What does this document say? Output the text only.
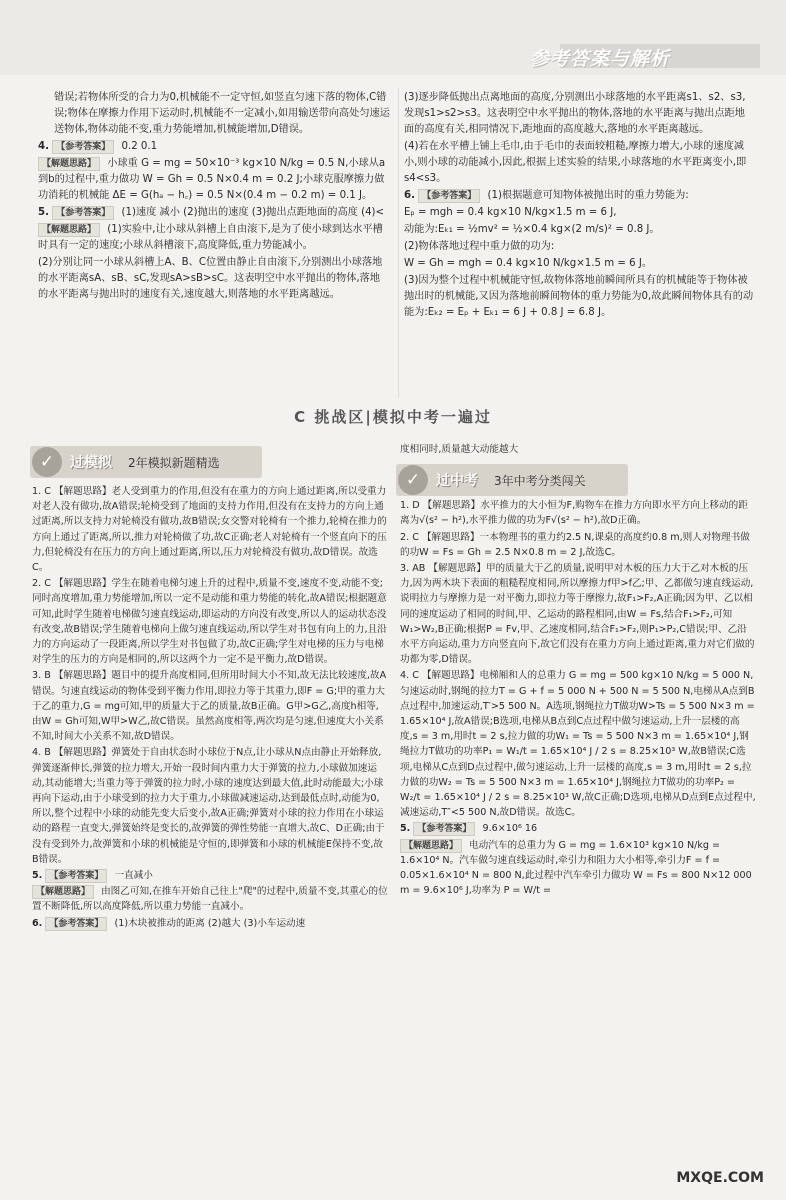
参考答案与解析

错误;若物体所受的合力为0,机械能不一定守恒,如竖直匀速下落的物体,C错误;物体在摩擦力作用下运动时,机械能不一定减小,如用输送带向高处匀速运送物体,物体动能不变,重力势能增加,机械能增加,D错误。

4. 【参考答案】 0.2 0.1

【解题思路】 小球重 G = mg = 50×10⁻³ kg×10 N/kg = 0.5 N,小球从a到b的过程中,重力做功 W = Gh = 0.5 N×0.4 m = 0.2 J;小球克服摩擦力做功消耗的机械能 ΔE = G(hₐ − h꜀) = 0.5 N×(0.4 m − 0.2 m) = 0.1 J。

5. 【参考答案】 (1)速度 减小 (2)抛出的速度 (3)抛出点距地面的高度 (4)<

【解题思路】 (1)实验中,让小球从斜槽上自由滚下,是为了使小球到达水平槽时具有一定的速度;小球从斜槽滚下,高度降低,重力势能减小。

(2)分别让同一小球从斜槽上A、B、C位置由静止自由滚下,分别测出小球落地的水平距离sA、sB、sC,发现sA>sB>sC。这表明空中水平抛出的物体,落地的水平距离与抛出时的速度有关,速度越大,则落地的水平距离越远。

(3)逐步降低抛出点离地面的高度,分别测出小球落地的水平距离s1、s2、s3,发现s1>s2>s3。这表明空中水平抛出的物体,落地的水平距离与抛出点距地面的高度有关,相同情况下,距地面的高度越大,落地的水平距离越远。

(4)若在水平槽上铺上毛巾,由于毛巾的表面较粗糙,摩擦力增大,小球的速度减小,则小球的动能减小,因此,根据上述实验的结果,小球落地的水平距离变小,即s4<s3。

6. 【参考答案】 (1)根据题意可知物体被抛出时的重力势能为:

Eₚ = mgh = 0.4 kg×10 N/kg×1.5 m = 6 J,

动能为:Eₖ₁ = ½mv² = ½×0.4 kg×(2 m/s)² = 0.8 J。

(2)物体落地过程中重力做的功为:

W = Gh = mgh = 0.4 kg×10 N/kg×1.5 m = 6 J。

(3)因为整个过程中机械能守恒,故物体落地前瞬间所具有的机械能等于物体被抛出时的机械能,又因为落地前瞬间物体的重力势能为0,故此瞬间物体具有的动能为:Eₖ₂ = Eₚ + Eₖ₁ = 6 J + 0.8 J = 6.8 J。

C 挑战区|模拟中考一遍过
✓	过模拟 2年模拟新题精选
✓	过中考 3年中考分类闯关

1. C 【解题思路】老人受到重力的作用,但没有在重力的方向上通过距离,所以受重力对老人没有做功,故A错误;轮椅受到了地面的支持力作用,但没有在支持力的方向上通过距离,所以支持力对轮椅没有做功,故B错误;女交警对轮椅有一个推力,轮椅在推力的方向上通过了距离,所以,推力对轮椅做了功,故C正确;老人对轮椅有一个竖直向下的压力,但轮椅没有在压力的方向上通过距离,所以,压力对轮椅没有做功,故D错误。故选C。

2. C 【解题思路】学生在随着电梯匀速上升的过程中,质量不变,速度不变,动能不变;同时高度增加,重力势能增加,所以一定不是动能和重力势能的转化,故A错误;根据题意可知,此时学生随着电梯做匀速直线运动,即运动的方向没有改变,所以人的运动状态没有改变,故B错误;学生随着电梯向上做匀速直线运动,所以学生对书包有向上的力,且沿力的方向运动了一段距离,所以学生对书包做了功,故C正确;学生对电梯的压力与电梯对学生的压力的方向是相同的,所以这两个力一定不是平衡力,故D错误。

3. B 【解题思路】题目中的提升高度相同,但所用时间大小不知,故无法比较速度,故A错误。匀速直线运动的物体受到平衡力作用,即拉力等于其重力,即F = G;甲的重力大于乙的重力,G = mg可知,甲的质量大于乙的质量,故B正确。G甲>G乙,高度h相等,由W = Gh可知,W甲>W乙,故C错误。虽然高度相等,两次均是匀速,但速度大小关系不知,时间大小关系不知,故D错误。

4. B 【解题思路】弹簧处于自由状态时小球位于N点,让小球从N点由静止开始释放,弹簧逐渐伸长,弹簧的拉力增大,开始一段时间内重力大于弹簧的拉力,小球做加速运动,其动能增大;当重力等于弹簧的拉力时,小球的速度达到最大值,此时动能最大;小球再向下运动,由于小球受到的拉力大于重力,小球做减速运动,达到最低点时,动能为0,所以,整个过程中小球的动能先变大后变小,故A正确;弹簧对小球的拉力作用在小球运动的路程一直变大,弹簧始终是变长的,故弹簧的弹性势能一直增大,故C、D正确;由于没有受到外力,故弹簧和小球的机械能是守恒的,即弹簧和小球的机械能E保持不变,故B错误。

5. 【参考答案】 一直减小

【解题思路】 由图乙可知,在推车开始自己往上"爬"的过程中,质量不变,其重心的位置不断降低,所以高度降低,所以重力势能一直减小。

6. 【参考答案】 (1)木块被推动的距离 (2)越大 (3)小车运动速

度相同时,质量越大动能越大

1. D 【解题思路】水平推力的大小恒为F,购物车在推力方向即水平方向上移动的距离为√(s² − h²),水平推力做的功为F√(s² − h²),故D正确。

2. C 【解题思路】一本物理书的重力约2.5 N,课桌的高度约0.8 m,则人对物理书做的功W = Fs = Gh = 2.5 N×0.8 m = 2 J,故选C。

3. AB 【解题思路】甲的质量大于乙的质量,说明甲对木板的压力大于乙对木板的压力,因为两木块下表面的粗糙程度相同,所以摩擦力f甲>f乙;甲、乙都做匀速直线运动,说明拉力与摩擦力是一对平衡力,即拉力等于摩擦力,故F₁>F₂,A正确;因为甲、乙以相同的速度运动了相同的时间,甲、乙运动的路程相同,由W = Fs,结合F₁>F₂,可知W₁>W₂,B正确;根据P = Fv,甲、乙速度相同,结合F₁>F₂,则P₁>P₂,C错误;甲、乙沿水平方向运动,重力方向竖直向下,故它们没有在重力方向上通过距离,重力对它们做的功都为零,D错误。

4. C 【解题思路】电梯厢和人的总重力 G = mg = 500 kg×10 N/kg = 5 000 N,匀速运动时,钢绳的拉力T = G + f = 5 000 N + 500 N = 5 500 N,电梯从A点到B点过程中,加速运动,T′>5 500 N。A选项,钢绳拉力T做功W>Ts = 5 500 N×3 m = 1.65×10⁴ J,故A错误;B选项,电梯从B点到C点过程中做匀速运动,上升一层楼的高度,s = 3 m,用时t = 2 s,拉力做的功W₁ = Ts = 5 500 N×3 m = 1.65×10⁴ J,钢绳拉力T做功的功率P₁ = W₁/t = 1.65×10⁴ J / 2 s = 8.25×10³ W,故B错误;C选项,电梯从C点到D点过程中,做匀速运动,上升一层楼的高度,s = 3 m,用时t = 2 s,拉力做的功W₂ = Ts = 5 500 N×3 m = 1.65×10⁴ J,钢绳拉力T做功的功率P₂ = W₂/t = 1.65×10⁴ J / 2 s = 8.25×10³ W,故C正确;D选项,电梯从D点到E点过程中,减速运动,T″<5 500 N,故D错误。故选C。

5. 【参考答案】 9.6×10⁶ 16

【解题思路】 电动汽车的总重力为 G = mg = 1.6×10³ kg×10 N/kg = 1.6×10⁴ N。汽车做匀速直线运动时,牵引力和阻力大小相等,牵引力F = f = 0.05×1.6×10⁴ N = 800 N,此过程中汽车牵引力做功 W = Fs = 800 N×12 000 m = 9.6×10⁶ J,功率为 P = W/t =

MXQE.COM
